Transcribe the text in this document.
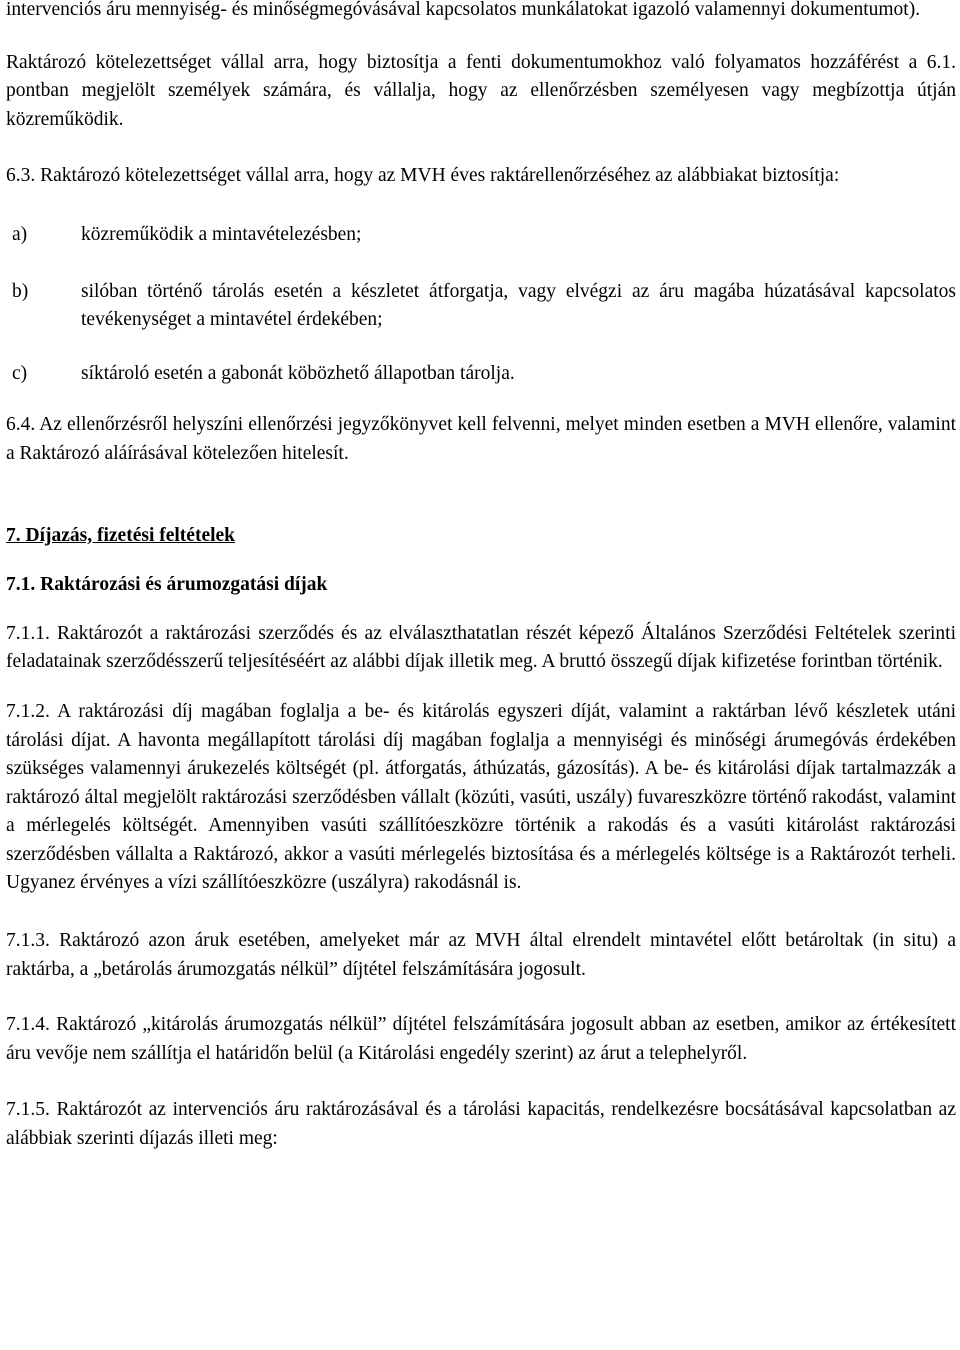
intervenciós áru mennyiség- és minőségmegóvásával kapcsolatos munkálatokat igazoló valamennyi dokumentumot).

Raktározó kötelezettséget vállal arra, hogy biztosítja a fenti dokumentumokhoz való folyamatos hozzáférést a 6.1. pontban megjelölt személyek számára, és vállalja, hogy az ellenőrzésben személyesen vagy megbízottja útján közreműködik.

6.3. Raktározó kötelezettséget vállal arra, hogy az MVH éves raktárellenőrzéséhez az alábbiakat biztosítja:

a)	közreműködik a mintavételezésben;
b)	silóban történő tárolás esetén a készletet átforgatja, vagy elvégzi az áru magába húzatásával kapcsolatos tevékenységet a mintavétel érdekében;
c)	síktároló esetén a gabonát köbözhető állapotban tárolja.

6.4. Az ellenőrzésről helyszíni ellenőrzési jegyzőkönyvet kell felvenni, melyet minden esetben a MVH ellenőre, valamint a Raktározó aláírásával kötelezően hitelesít.

7. Díjazás, fizetési feltételek

7.1. Raktározási és árumozgatási díjak

7.1.1. Raktározót a raktározási szerződés és az elválaszthatatlan részét képező Általános Szerződési Feltételek szerinti feladatainak szerződésszerű teljesítéséért az alábbi díjak illetik meg. A bruttó összegű díjak kifizetése forintban történik.

7.1.2. A raktározási díj magában foglalja a be- és kitárolás egyszeri díját, valamint a raktárban lévő készletek utáni tárolási díjat. A havonta megállapított tárolási díj magában foglalja a mennyiségi és minőségi árumegóvás érdekében szükséges valamennyi árukezelés költségét (pl. átforgatás, áthúzatás, gázosítás). A be- és kitárolási díjak tartalmazzák a raktározó által megjelölt raktározási szerződésben vállalt (közúti, vasúti, uszály) fuvareszközre történő rakodást, valamint a mérlegelés költségét. Amennyiben vasúti szállítóeszközre történik a rakodás és a vasúti kitárolást raktározási szerződésben vállalta a Raktározó, akkor a vasúti mérlegelés biztosítása és a mérlegelés költsége is a Raktározót terheli. Ugyanez érvényes a vízi szállítóeszközre (uszályra) rakodásnál is.

7.1.3. Raktározó azon áruk esetében, amelyeket már az MVH által elrendelt mintavétel előtt betároltak (in situ) a raktárba, a „betárolás árumozgatás nélkül” díjtétel felszámítására jogosult.

7.1.4. Raktározó „kitárolás árumozgatás nélkül” díjtétel felszámítására jogosult abban az esetben, amikor az értékesített áru vevője nem szállítja el határidőn belül (a Kitárolási engedély szerint) az árut a telephelyről.

7.1.5. Raktározót az intervenciós áru raktározásával és a tárolási kapacitás, rendelkezésre bocsátásával kapcsolatban az alábbiak szerinti díjazás illeti meg:
